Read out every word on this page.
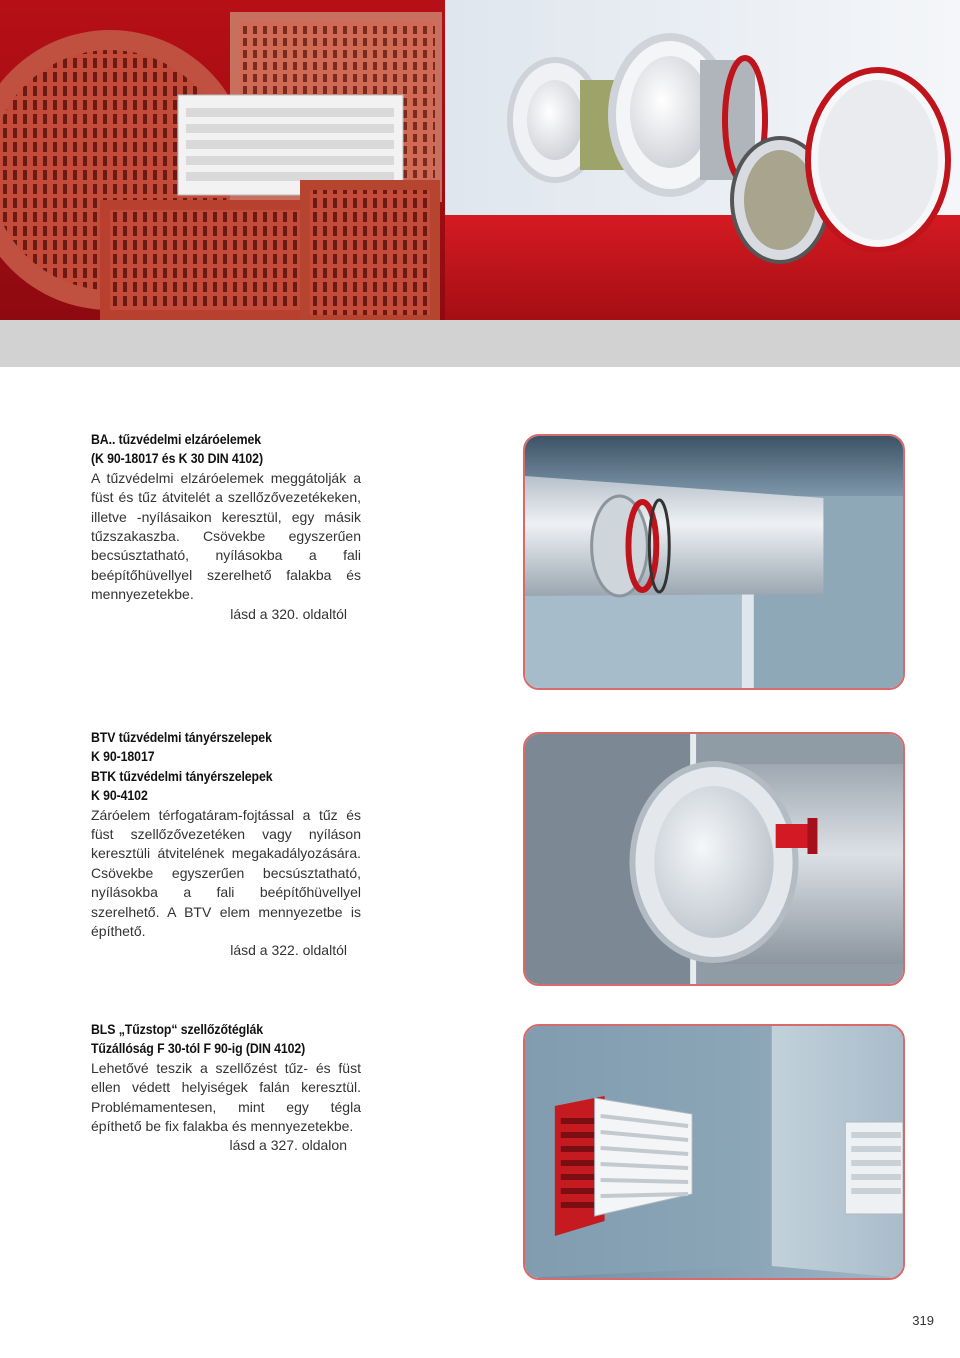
BA.. tűzvédelmi elzáróelemek
(K 90-18017 és K 30 DIN 4102)
A tűzvédelmi elzáróelemek meggátolják a füst és tűz átvitelét a szellőzővezetékeken, illetve -nyílásaikon keresztül, egy másik tűzszakaszba. Csövekbe egyszerűen becsúsztatható, nyílásokba a fali beépítőhüvellyel szerelhető falakba és mennyezetekbe.
lásd a 320. oldaltól
BTV tűzvédelmi tányérszelepek
K 90-18017
BTK tűzvédelmi tányérszelepek
K 90-4102
Záróelem térfogatáram-fojtással a tűz és füst szellőzővezetéken vagy nyíláson keresztüli átvitelének megakadályozására. Csövekbe egyszerűen becsúsztatható, nyílásokba a fali beépítőhüvellyel szerelhető. A BTV elem mennyezetbe is építhető.
lásd a 322. oldaltól
BLS „Tűzstop“ szellőzőtéglák
Tűzállóság F 30-tól F 90-ig (DIN 4102)
Lehetővé teszik a szellőzést tűz- és füst ellen védett helyiségek falán keresztül. Problémamentesen, mint egy tégla építhető be fix falakba és mennyezetekbe.
lásd a 327. oldalon
319
